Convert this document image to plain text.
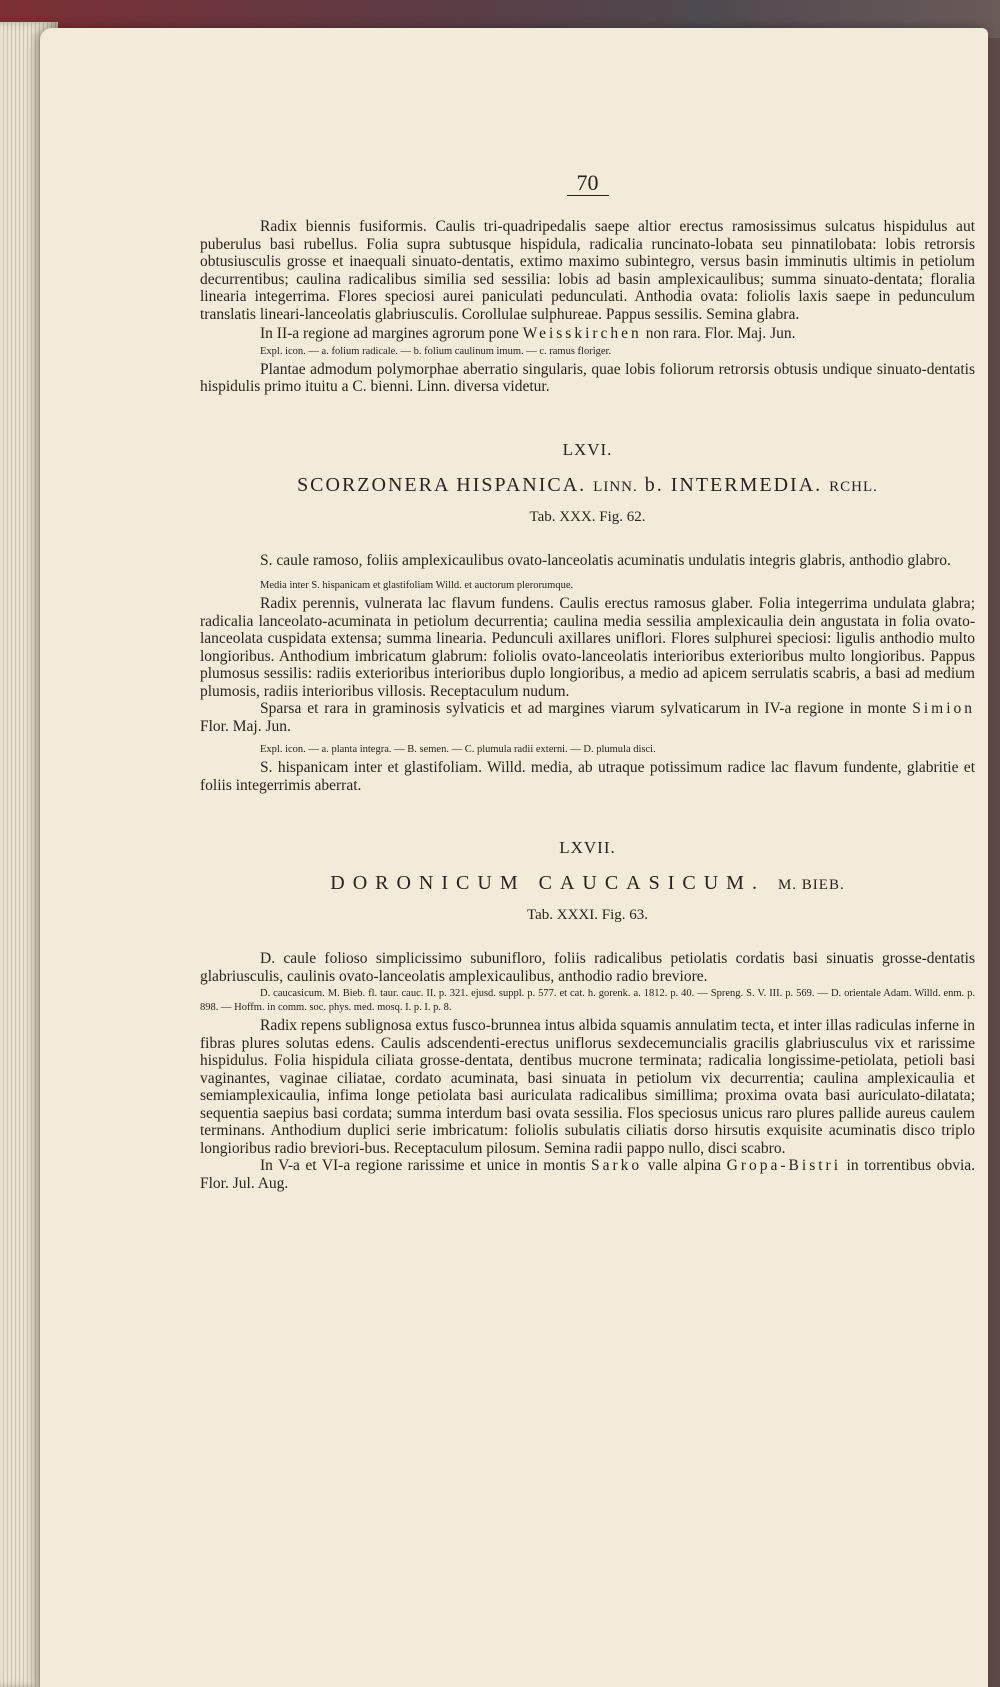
70

Radix biennis fusiformis. Caulis tri-quadripedalis saepe altior erectus ramosissimus sulcatus hispidulus aut puberulus basi rubellus. Folia supra subtusque hispidula, radicalia runcinato-lobata seu pinnatilobata: lobis retrorsis obtusiusculis grosse et inaequali sinuato-dentatis, extimo maximo subintegro, versus basin imminutis ultimis in petiolum decurrentibus; caulina radicalibus similia sed sessilia: lobis ad basin amplexicaulibus; summa sinuato-dentata; floralia linearia integerrima. Flores speciosi aurei paniculati pedunculati. Anthodia ovata: foliolis laxis saepe in pedunculum translatis lineari-lanceolatis glabriusculis. Corollulae sulphureae. Pappus sessilis. Semina glabra.

In II-a regione ad margines agrorum pone Weisskirchen non rara. Flor. Maj. Jun.

Expl. icon. — a. folium radicale. — b. folium caulinum imum. — c. ramus floriger.

Plantae admodum polymorphae aberratio singularis, quae lobis foliorum retrorsis obtusis undique sinuato-dentatis hispidulis primo ituitu a C. bienni. Linn. diversa videtur.

LXVI.
SCORZONERA HISPANICA. LINN. b. INTERMEDIA. RCHL.
Tab. XXX. Fig. 62.

S. caule ramoso, foliis amplexicaulibus ovato-lanceolatis acuminatis undulatis integris glabris, anthodio glabro.

Media inter S. hispanicam et glastifoliam Willd. et auctorum plerorumque.

Radix perennis, vulnerata lac flavum fundens. Caulis erectus ramosus glaber. Folia integerrima undulata glabra; radicalia lanceolato-acuminata in petiolum decurrentia; caulina media sessilia amplexicaulia dein angustata in folia ovato-lanceolata cuspidata extensa; summa linearia. Pedunculi axillares uniflori. Flores sulphurei speciosi: ligulis anthodio multo longioribus. Anthodium imbricatum glabrum: foliolis ovato-lanceolatis interioribus exterioribus multo longioribus. Pappus plumosus sessilis: radiis exterioribus interioribus duplo longioribus, a medio ad apicem serrulatis scabris, a basi ad medium plumosis, radiis interioribus villosis. Receptaculum nudum.

Sparsa et rara in graminosis sylvaticis et ad margines viarum sylvaticarum in IV-a regione in monte Simion Flor. Maj. Jun.

Expl. icon. — a. planta integra. — B. semen. — C. plumula radii externi. — D. plumula disci.

S. hispanicam inter et glastifoliam. Willd. media, ab utraque potissimum radice lac flavum fundente, glabritie et foliis integerrimis aberrat.

LXVII.
DORONICUM CAUCASICUM. M. BIEB.
Tab. XXXI. Fig. 63.

D. caule folioso simplicissimo subunifloro, foliis radicalibus petiolatis cordatis basi sinuatis grosse-dentatis glabriusculis, caulinis ovato-lanceolatis amplexicaulibus, anthodio radio breviore.

D. caucasicum. M. Bieb. fl. taur. cauc. II. p. 321. ejusd. suppl. p. 577. et cat. h. gorenk. a. 1812. p. 40. — Spreng. S. V. III. p. 569. — D. orientale Adam. Willd. enm. p. 898. — Hoffm. in comm. soc. phys. med. mosq. I. p. I. p. 8.

Radix repens sublignosa extus fusco-brunnea intus albida squamis annulatim tecta, et inter illas radiculas inferne in fibras plures solutas edens. Caulis adscendenti-erectus uniflorus sexdecemuncialis gracilis glabriusculus vix et rarissime hispidulus. Folia hispidula ciliata grosse-dentata, dentibus mucrone terminata; radicalia longissime-petiolata, petioli basi vaginantes, vaginae ciliatae, cordato acuminata, basi sinuata in petiolum vix decurrentia; caulina amplexicaulia et semiamplexicaulia, infima longe petiolata basi auriculata radicalibus simillima; proxima ovata basi auriculato-dilatata; sequentia saepius basi cordata; summa interdum basi ovata sessilia. Flos speciosus unicus raro plures pallide aureus caulem terminans. Anthodium duplici serie imbricatum: foliolis subulatis ciliatis dorso hirsutis exquisite acuminatis disco triplo longioribus radio breviori-bus. Receptaculum pilosum. Semina radii pappo nullo, disci scabro.

In V-a et VI-a regione rarissime et unice in montis Sarko valle alpina Gropa-Bistri in torrentibus obvia. Flor. Jul. Aug.
